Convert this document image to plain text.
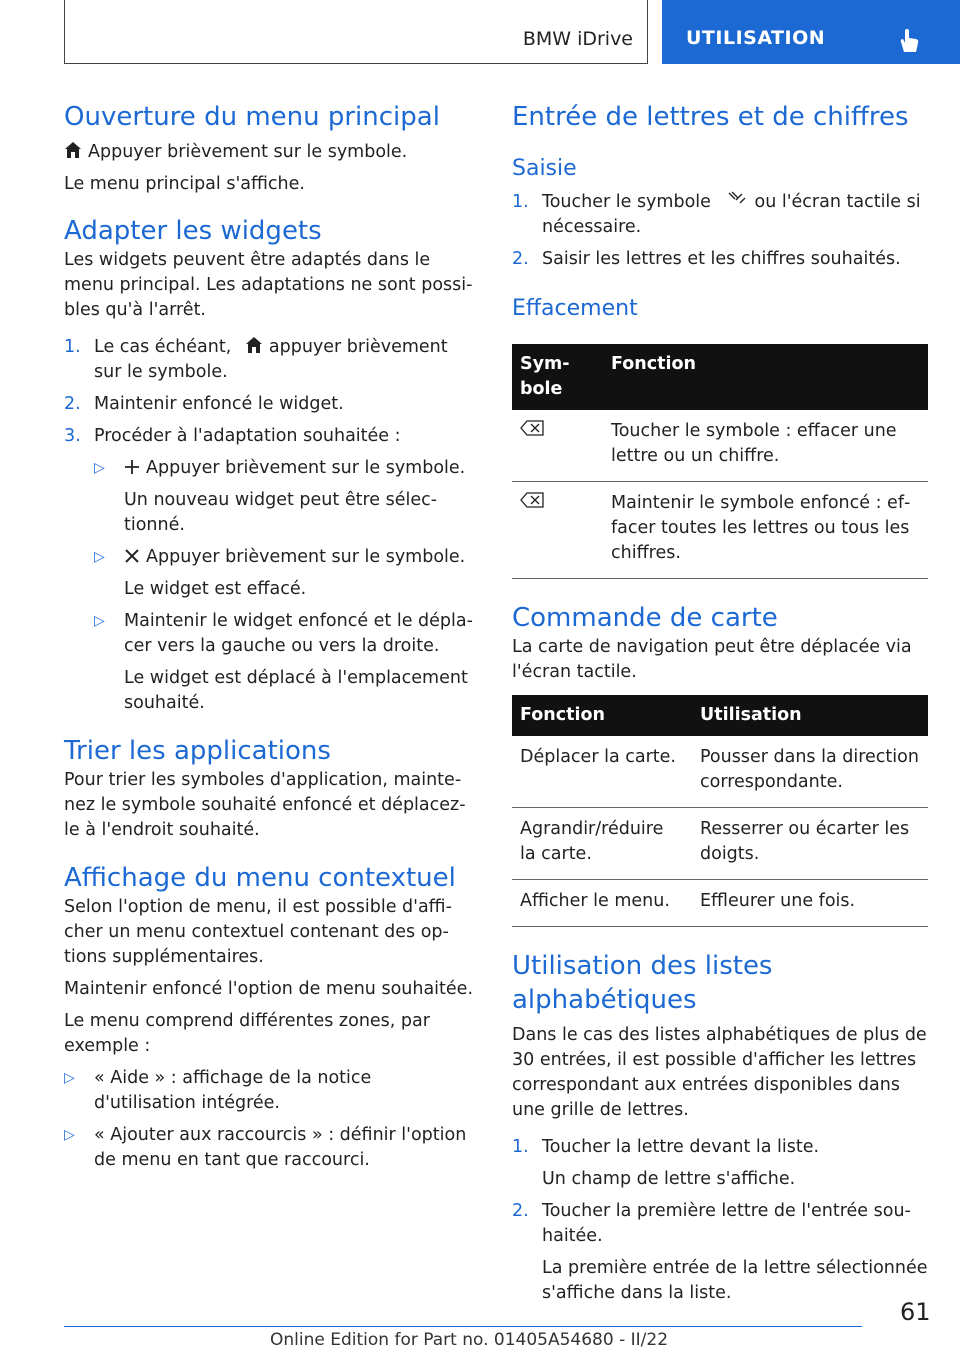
BMW iDrive	UTILISATION
Ouverture du menu principal

Appuyer brièvement sur le symbole.

Le menu principal s'affiche.

Adapter les widgets

Les widgets peuvent être adaptés dans le menu principal. Les adaptations ne sont possibles qu'à l'arrêt.

1. Le cas échéant, appuyer brièvement sur le symbole.
2. Maintenir enfoncé le widget.
3. Procéder à l'adaptation souhaitée :
▷	Appuyer brièvement sur le symbole.

Un nouveau widget peut être sélectionné.

▷	Appuyer brièvement sur le symbole.

Le widget est effacé.

▷	Maintenir le widget enfoncé et le déplacer vers la gauche ou vers la droite.

Le widget est déplacé à l'emplacement souhaité.

Trier les applications

Pour trier les symboles d'application, maintenez le symbole souhaité enfoncé et déplacez-le à l'endroit souhaité.

Affichage du menu contextuel

Selon l'option de menu, il est possible d'afficher un menu contextuel contenant des options supplémentaires.

Maintenir enfoncé l'option de menu souhaitée.

Le menu comprend différentes zones, par exemple :

▷	« Aide » : affichage de la notice d'utilisation intégrée.
▷	« Ajouter aux raccourcis » : définir l'option de menu en tant que raccourci.
Entrée de lettres et de chiffres
Saisie
1. Toucher le symbole ou l'écran tactile si nécessaire.
2. Saisir les lettres et les chiffres souhaités.
Effacement
Symbole	Fonction
	Toucher le symbole : effacer une lettre ou un chiffre.
	Maintenir le symbole enfoncé : effacer toutes les lettres ou tous les chiffres.
Commande de carte

La carte de navigation peut être déplacée via l'écran tactile.

Fonction	Utilisation
Déplacer la carte.	Pousser dans la direction correspondante.
Agrandir/réduire la carte.	Resserrer ou écarter les doigts.
Afficher le menu.	Effleurer une fois.
Utilisation des listes alphabétiques

Dans le cas des listes alphabétiques de plus de 30 entrées, il est possible d'afficher les lettres correspondant aux entrées disponibles dans une grille de lettres.

1. Toucher la lettre devant la liste.

Un champ de lettre s'affiche.

2. Toucher la première lettre de l'entrée souhaitée.

La première entrée de la lettre sélectionnée s'affiche dans la liste.

61
Online Edition for Part no. 01405A54680 - II/22
